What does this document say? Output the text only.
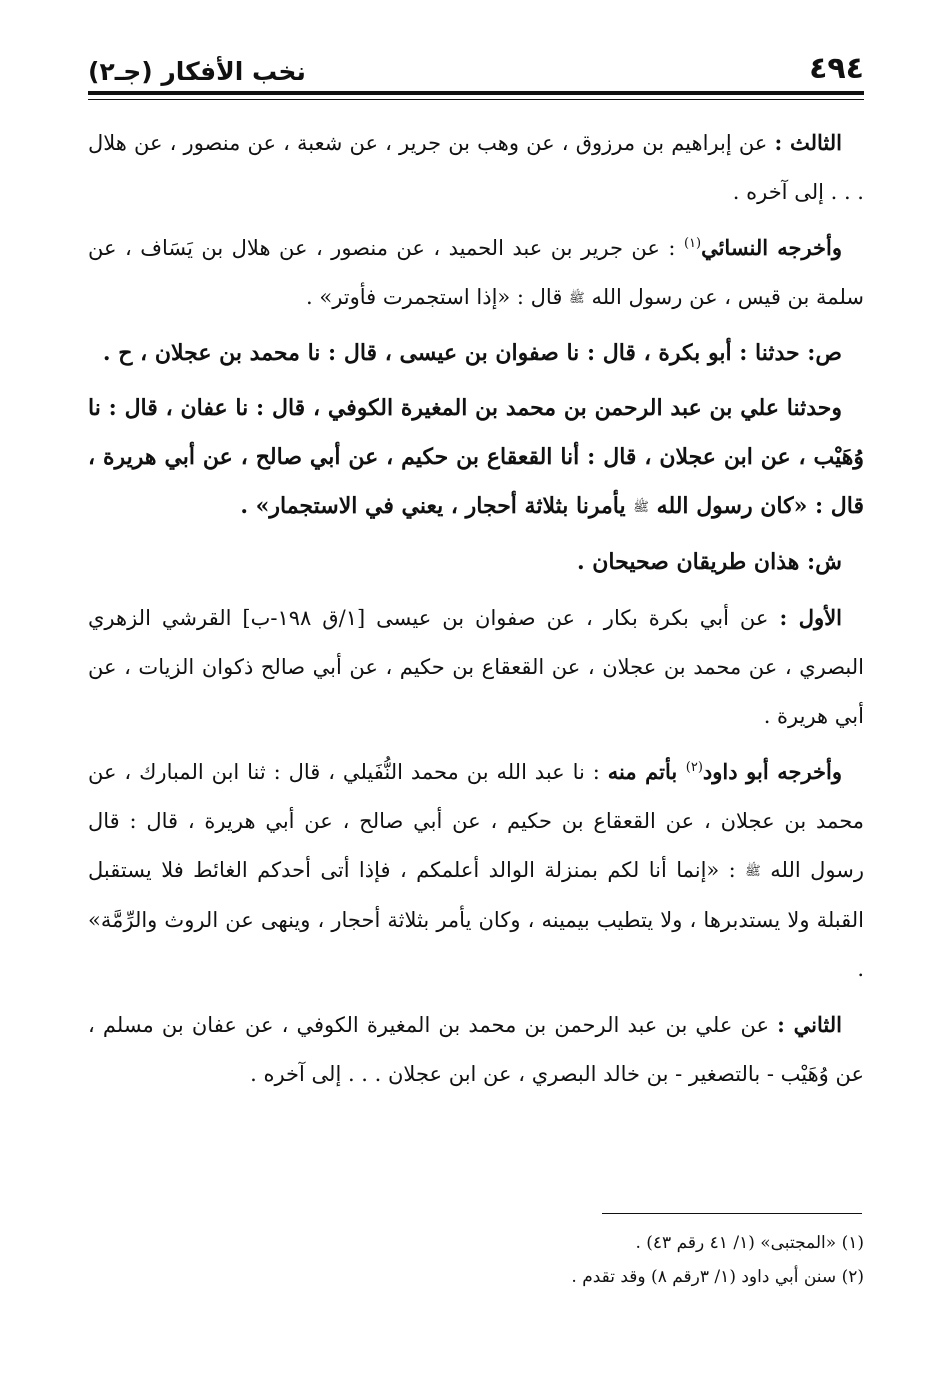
٤٩٤
نخب الأفكار (جـ٢)

الثالث : عن إبراهيم بن مرزوق ، عن وهب بن جرير ، عن شعبة ، عن منصور ، عن هلال . . . إلى آخره .

وأخرجه النسائي$^{(١)}$ : عن جرير بن عبد الحميد ، عن منصور ، عن هلال بن يَسَاف ، عن سلمة بن قيس ، عن رسول الله ﷺ قال : «إذا استجمرت فأوتر» .

ص: حدثنا : أبو بكرة ، قال : نا صفوان بن عيسى ، قال : نا محمد بن عجلان ، ح .

وحدثنا علي بن عبد الرحمن بن محمد بن المغيرة الكوفي ، قال : نا عفان ، قال : نا وُهَيْب ، عن ابن عجلان ، قال : أنا القعقاع بن حكيم ، عن أبي صالح ، عن أبي هريرة ، قال : «كان رسول الله ﷺ يأمرنا بثلاثة أحجار ، يعني في الاستجمار» .

ش: هذان طريقان صحيحان .

الأول : عن أبي بكرة بكار ، عن صفوان بن عيسى [١/ق ١٩٨-ب] القرشي الزهري البصري ، عن محمد بن عجلان ، عن القعقاع بن حكيم ، عن أبي صالح ذكوان الزيات ، عن أبي هريرة .

وأخرجه أبو داود$^{(٢)}$ بأتم منه : نا عبد الله بن محمد النُّفَيلي ، قال : ثنا ابن المبارك ، عن محمد بن عجلان ، عن القعقاع بن حكيم ، عن أبي صالح ، عن أبي هريرة ، قال : قال رسول الله ﷺ : «إنما أنا لكم بمنزلة الوالد أعلمكم ، فإذا أتى أحدكم الغائط فلا يستقبل القبلة ولا يستدبرها ، ولا يتطيب بيمينه ، وكان يأمر بثلاثة أحجار ، وينهى عن الروث والرِّمَّة» .

الثاني : عن علي بن عبد الرحمن بن محمد بن المغيرة الكوفي ، عن عفان بن مسلم ، عن وُهَيْب - بالتصغير - بن خالد البصري ، عن ابن عجلان . . . إلى آخره .

(١) «المجتبى» (١/ ٤١ رقم ٤٣) .
(٢) سنن أبي داود (١/ ٣رقم ٨) وقد تقدم .
